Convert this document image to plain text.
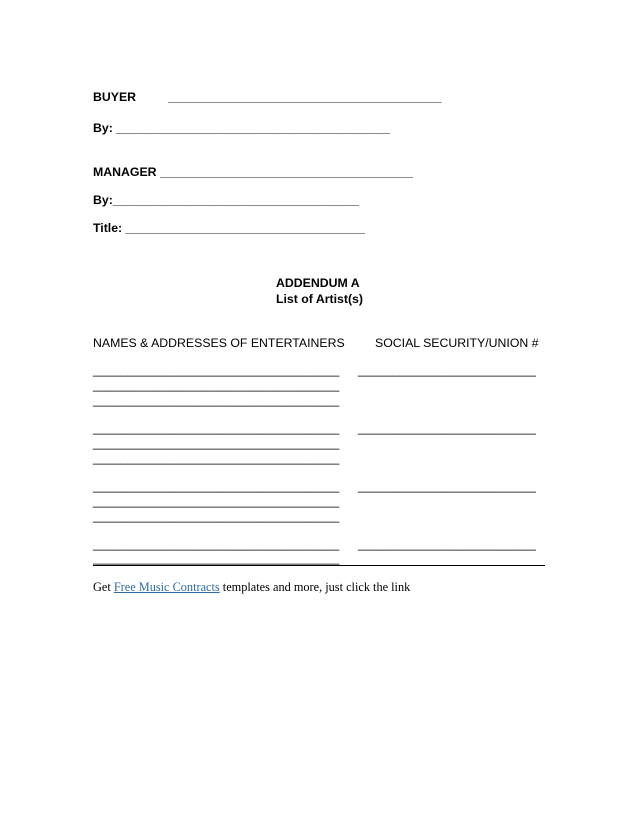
BUYER	________________________________________
By: ________________________________________
MANAGER _____________________________________
By:____________________________________
Title: ___________________________________
ADDENDUM A
List of Artist(s)
NAMES & ADDRESSES OF ENTERTAINERS SOCIAL SECURITY/UNION #
____________________________________ __________________________
____________________________________
____________________________________
____________________________________ __________________________
____________________________________
____________________________________
____________________________________ __________________________
____________________________________
____________________________________
____________________________________ __________________________
____________________________________
Get Free Music Contracts templates and more, just click the link
